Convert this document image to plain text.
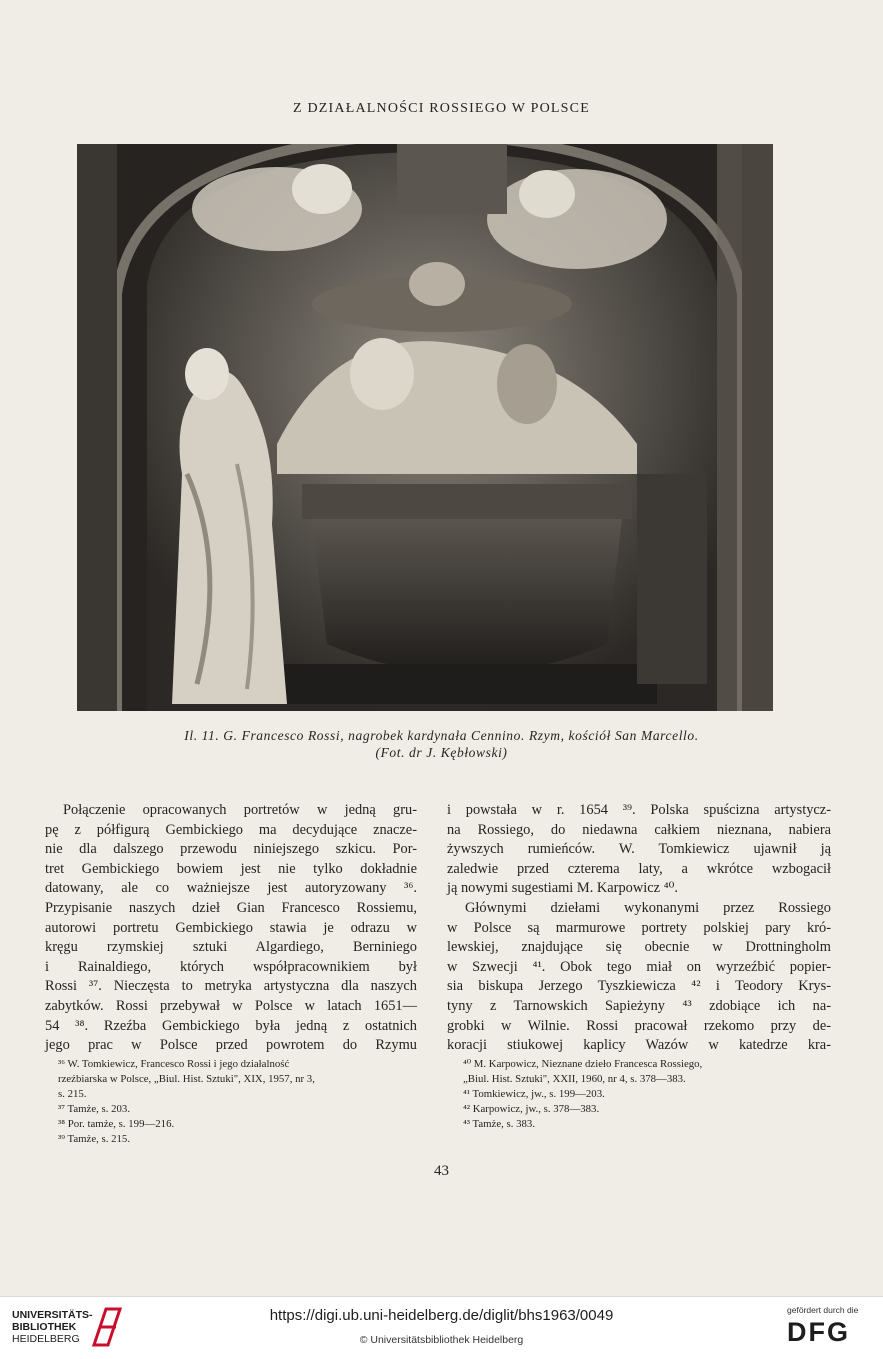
Z DZIAŁALNOŚCI ROSSIEGO W POLSCE
Il. 11. G. Francesco Rossi, nagrobek kardynała Cennino. Rzym, kościół San Marcello.
(Fot. dr J. Kębłowski)
Połączenie opracowanych portretów w jedną gru-
pę z półfigurą Gembickiego ma decydujące znacze-
nie dla dalszego przewodu niniejszego szkicu. Por-
tret Gembickiego bowiem jest nie tylko dokładnie
datowany, ale co ważniejsze jest autoryzowany ³⁶.
Przypisanie naszych dzieł Gian Francesco Rossiemu,
autorowi portretu Gembickiego stawia je odrazu w
kręgu rzymskiej sztuki Algardiego, Berniniego
i Rainaldiego, których współpracownikiem był
Rossi ³⁷. Nieczęsta to metryka artystyczna dla naszych
zabytków. Rossi przebywał w Polsce w latach 1651—
54 ³⁸. Rzeźba Gembickiego była jedną z ostatnich
jego prac w Polsce przed powrotem do Rzymu
i powstała w r. 1654 ³⁹. Polska spuścizna artystycz-
na Rossiego, do niedawna całkiem nieznana, nabiera
żywszych rumieńców. W. Tomkiewicz ujawnił ją
zaledwie przed czterema laty, a wkrótce wzbogacił
ją nowymi sugestiami M. Karpowicz ⁴⁰.
Głównymi dziełami wykonanymi przez Rossiego
w Polsce są marmurowe portrety polskiej pary kró-
lewskiej, znajdujące się obecnie w Drottningholm
w Szwecji ⁴¹. Obok tego miał on wyrzeźbić popier-
sia biskupa Jerzego Tyszkiewicza ⁴² i Teodory Krys-
tyny z Tarnowskich Sapieżyny ⁴³ zdobiące ich na-
grobki w Wilnie. Rossi pracował rzekomo przy de-
koracji stiukowej kaplicy Wazów w katedrze kra-
³⁶ W. Tomkiewicz, Francesco Rossi i jego działalność
rzeźbiarska w Polsce, „Biul. Hist. Sztuki", XIX, 1957, nr 3,
s. 215.
³⁷ Tamże, s. 203.
³⁸ Por. tamże, s. 199—216.
³⁹ Tamże, s. 215.
⁴⁰ M. Karpowicz, Nieznane dzieło Francesca Rossiego,
„Biul. Hist. Sztuki", XXII, 1960, nr 4, s. 378—383.
⁴¹ Tomkiewicz, jw., s. 199—203.
⁴² Karpowicz, jw., s. 378—383.
⁴³ Tamże, s. 383.
43
UNIVERSITÄTS-
BIBLIOTHEK
HEIDELBERG
https://digi.ub.uni-heidelberg.de/diglit/bhs1963/0049
© Universitätsbibliothek Heidelberg
gefördert durch die
DFG
